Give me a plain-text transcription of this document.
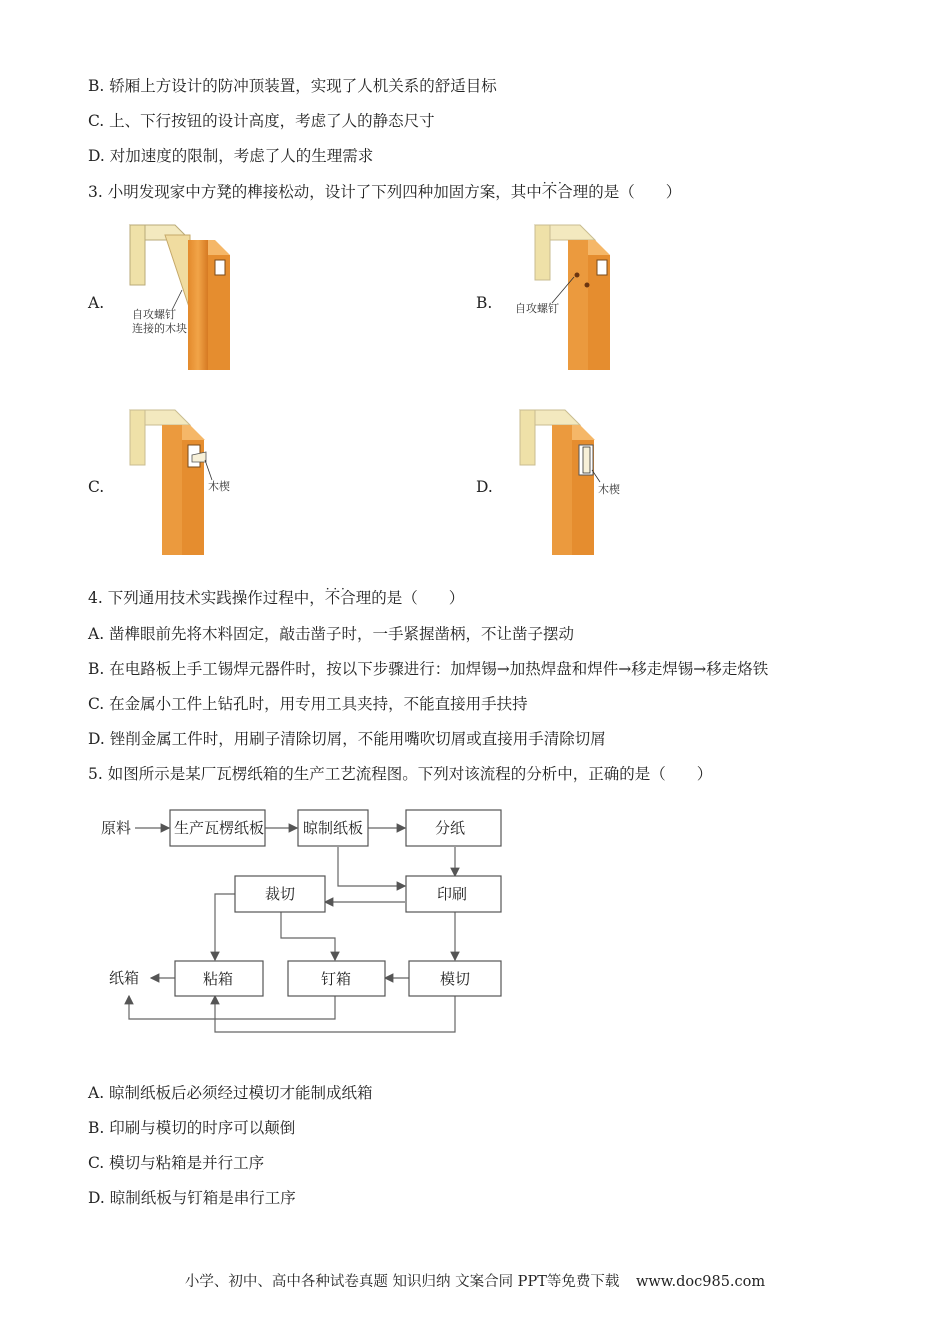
B. 轿厢上方设计的防冲顶装置，实现了人机关系的舒适目标
C. 上、下行按钮的设计高度，考虑了人的静态尺寸
D. 对加速度的限制，考虑了人的生理需求
3. 小明发现家中方凳的榫接松动，设计了下列四种加固方案，其中· · · 不合理的是（　　）
A.
自攻螺钉
连接的木块
B. 自攻螺钉
C.	木楔	D.	木楔
4. 下列通用技术实践操作过程中，· · · 不合理的是（　　）
A. 凿榫眼前先将木料固定，敲击凿子时，一手紧握凿柄，不让凿子摆动
B. 在电路板上手工锡焊元器件时，按以下步骤进行：加焊锡→加热焊盘和焊件→移走焊锡→移走烙铁
C. 在金属小工件上钻孔时，用专用工具夹持，不能直接用手扶持
D. 锉削金属工件时，用刷子清除切屑，不能用嘴吹切屑或直接用手清除切屑
5. 如图所示是某厂瓦楞纸箱的生产工艺流程图。下列对该流程的分析中，正确的是（　　）
原料	生产瓦楞纸板	晾制纸板	分纸
裁切	印刷
粘箱	钉箱	模切
纸箱
A. 晾制纸板后必须经过模切才能制成纸箱
B. 印刷与模切的时序可以颠倒
C. 模切与粘箱是并行工序
D. 晾制纸板与钉箱是串行工序
小学、初中、高中各种试卷真题 知识归纳 文案合同 PPT等免费下载 www.doc985.com
